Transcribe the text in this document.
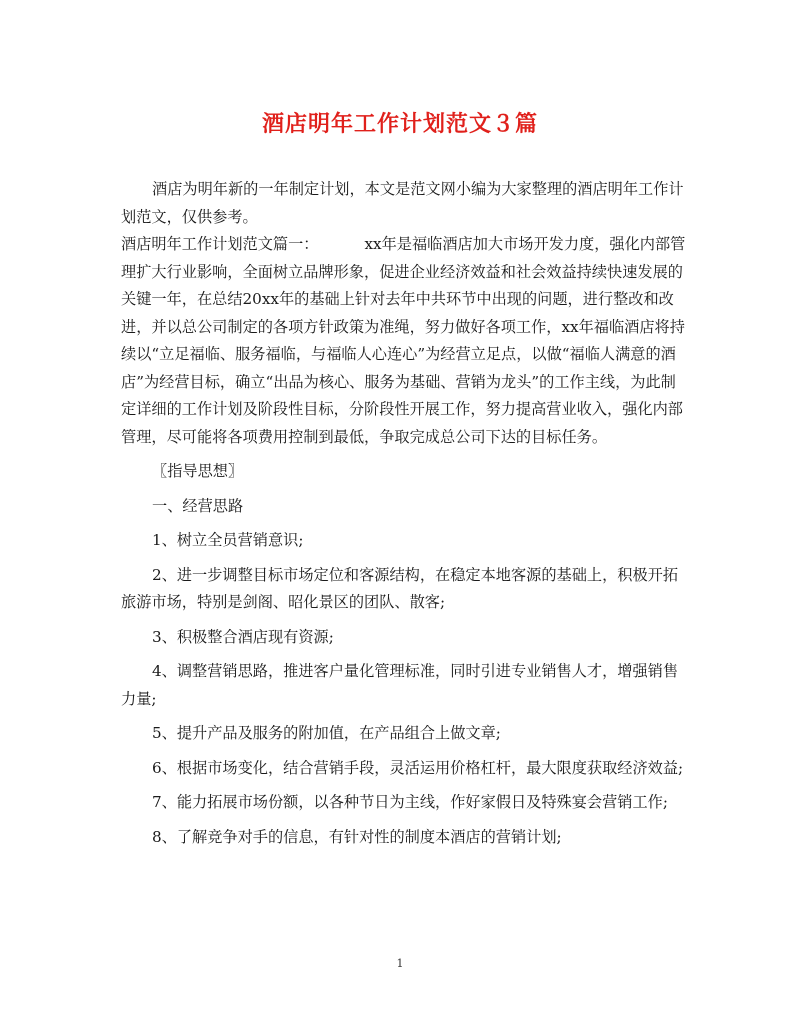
酒店明年工作计划范文３篇

酒店为明年新的一年制定计划，本文是范文网小编为大家整理的酒店明年工作计划范文，仅供参考。

酒店明年工作计划范文篇一：	xx年是福临酒店加大市场开发力度，强化内部管理扩大行业影响，全面树立品牌形象，促进企业经济效益和社会效益持续快速发展的关键一年，在总结20xx年的基础上针对去年中共环节中出现的问题，进行整改和改进，并以总公司制定的各项方针政策为准绳，努力做好各项工作，xx年福临酒店将持续以“立足福临、服务福临，与福临人心连心”为经营立足点，以做“福临人满意的酒店”为经营目标，确立“出品为核心、服务为基础、营销为龙头”的工作主线，为此制定详细的工作计划及阶段性目标，分阶段性开展工作，努力提高营业收入，强化内部管理，尽可能将各项费用控制到最低，争取完成总公司下达的目标任务。

〖指导思想〗

一、经营思路

1、树立全员营销意识;

2、进一步调整目标市场定位和客源结构，在稳定本地客源的基础上，积极开拓旅游市场，特别是剑阁、昭化景区的团队、散客;

3、积极整合酒店现有资源;

4、调整营销思路，推进客户量化管理标准，同时引进专业销售人才，增强销售力量;

5、提升产品及服务的附加值，在产品组合上做文章;

6、根据市场变化，结合营销手段，灵活运用价格杠杆，最大限度获取经济效益;

7、能力拓展市场份额，以各种节日为主线，作好家假日及特殊宴会营销工作;

8、了解竞争对手的信息，有针对性的制度本酒店的营销计划;

1
